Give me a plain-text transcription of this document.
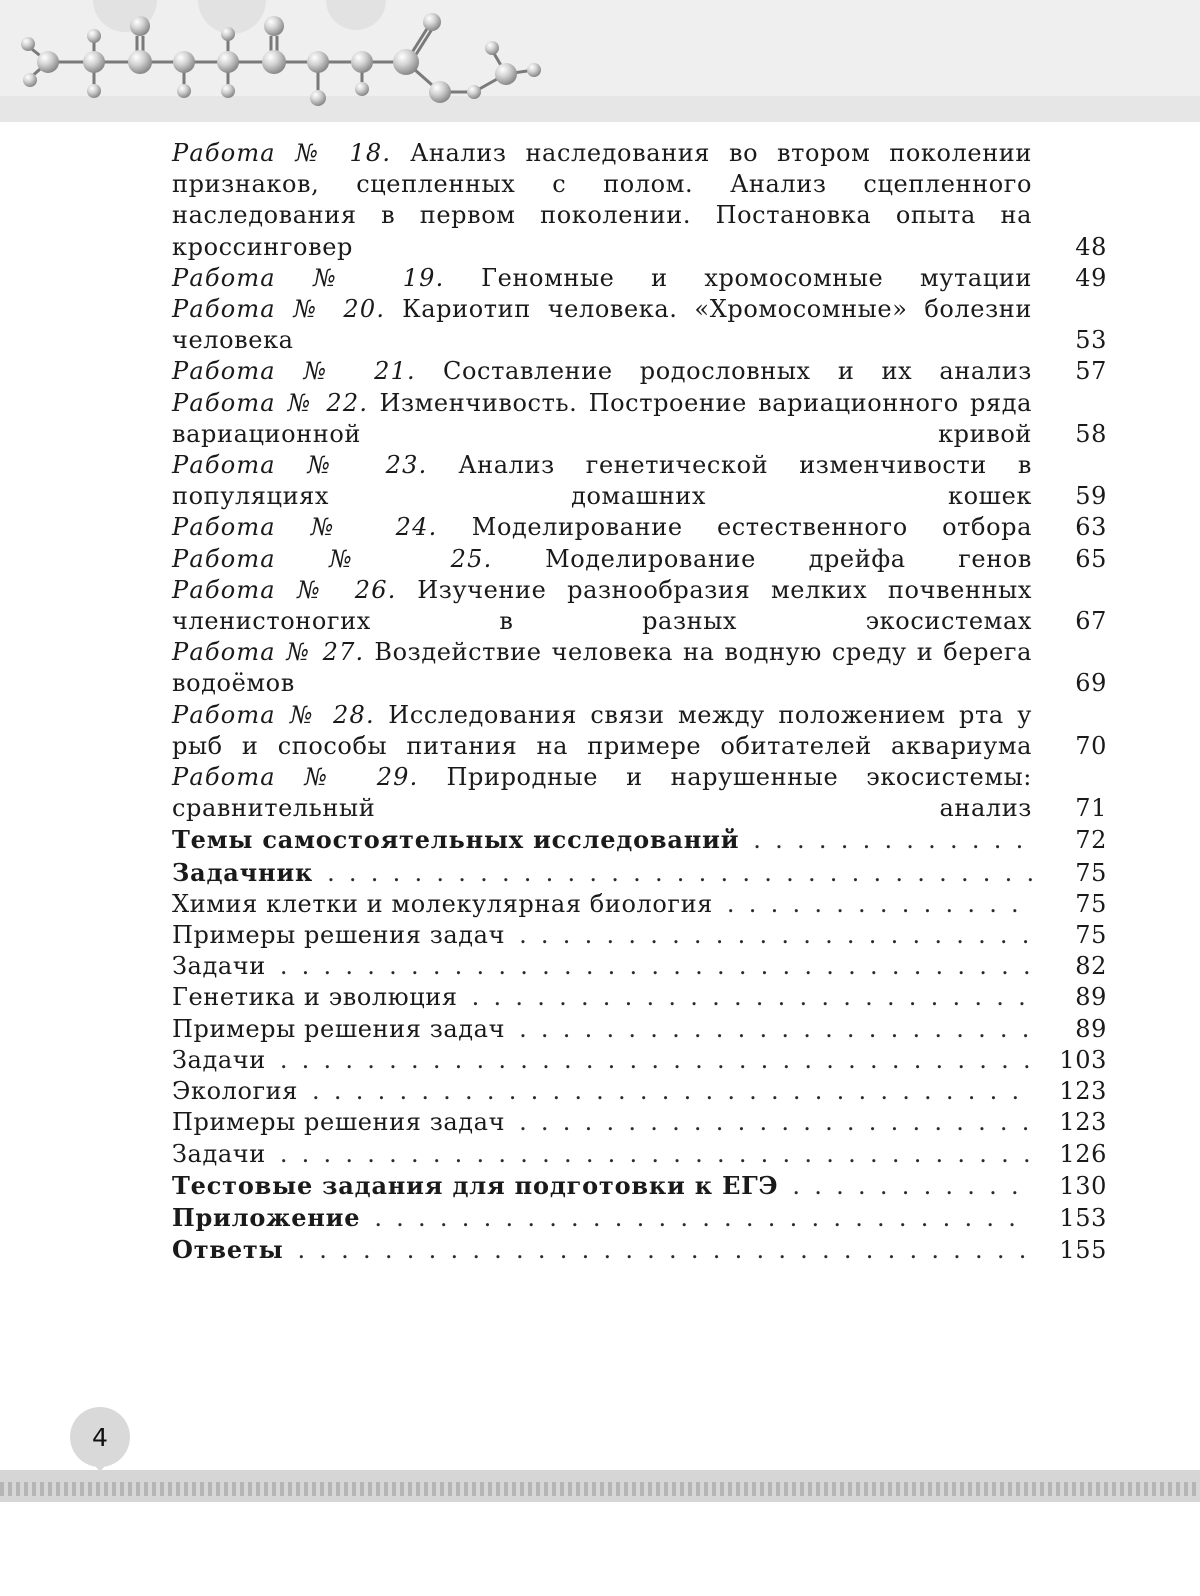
Работа № 18. Анализ наследования во втором поколении признаков, сцепленных с полом. Анализ сцепленного наследования в первом поколении. Постановка опыта на кроссинговер	48
Работа № 19. Геномные и хромосомные мутации	49
Работа № 20. Кариотип человека. «Хромосомные» болезни человека	53
Работа № 21. Составление родословных и их анализ	57
Работа № 22. Изменчивость. Построение вариационного ряда вариационной кривой	58
Работа № 23. Анализ генетической изменчивости в популяциях домашних кошек	59
Работа № 24. Моделирование естественного отбора	63
Работа № 25. Моделирование дрейфа генов	65
Работа № 26. Изучение разнообразия мелких почвенных членистоногих в разных экосистемах	67
Работа № 27. Воздействие человека на водную среду и берега водоёмов	69
Работа № 28. Исследования связи между положением рта у рыб и способы питания на примере обитателей аквариума	70
Работа № 29. Природные и нарушенные экосистемы: сравнительный анализ	71
Темы самостоятельных исследований . . .	72
Задачник . . .	75
Химия клетки и молекулярная биология . . .	75
Примеры решения задач . . .	75
Задачи . . .	82
Генетика и эволюция . . .	89
Примеры решения задач . . .	89
Задачи . . .	103
Экология . . .	123
Примеры решения задач . . .	123
Задачи . . .	126
Тестовые задания для подготовки к ЕГЭ . . .	130
Приложение . . .	153
Ответы . . .	155
4
